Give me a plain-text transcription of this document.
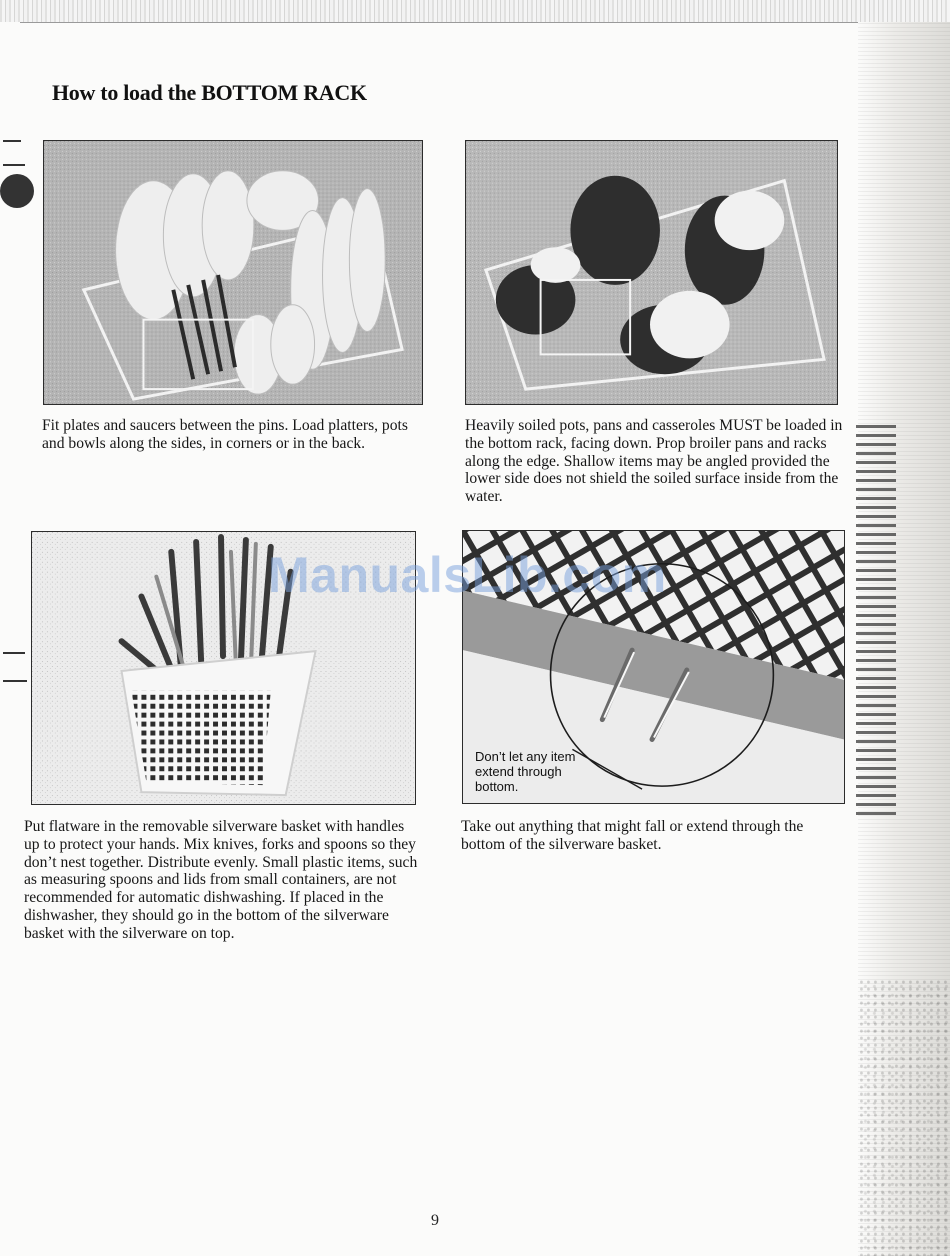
How to load the BOTTOM RACK
Fit plates and saucers between the pins. Load platters, pots and bowls along the sides, in corners or in the back.
Heavily soiled pots, pans and casseroles MUST be loaded in the bottom rack, facing down. Prop broiler pans and racks along the edge. Shallow items may be angled provided the lower side does not shield the soiled surface inside from the water.
Put flatware in the removable silverware basket with handles up to protect your hands. Mix knives, forks and spoons so they don’t nest together. Distribute evenly. Small plastic items, such as measuring spoons and lids from small containers, are not recommended for automatic dishwashing. If placed in the dishwasher, they should go in the bottom of the silverware basket with the silverware on top.
Don’t let any item extend through bottom.
Take out anything that might fall or extend through the bottom of the silverware basket.
ManualsLib.com
9
